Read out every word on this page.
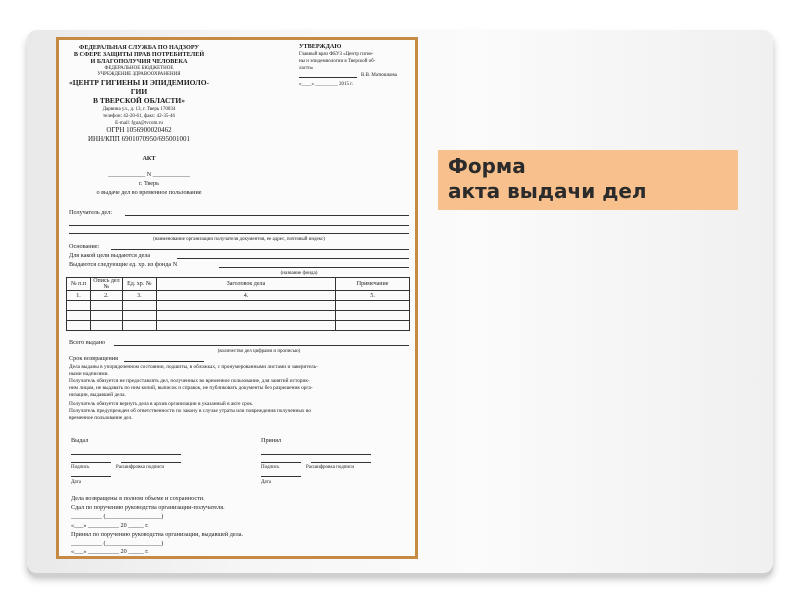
ФЕДЕРАЛЬНАЯ СЛУЖБА ПО НАДЗОРУ
В СФЕРЕ ЗАЩИТЫ ПРАВ ПОТРЕБИТЕЛЕЙ
И БЛАГОПОЛУЧИЯ ЧЕЛОВЕКА
ФЕДЕРАЛЬНОЕ БЮДЖЕТНОЕ
УЧРЕЖДЕНИЕ ЗДРАВООХРАНЕНИЯ
«ЦЕНТР ГИГИЕНЫ И ЭПИДЕМИОЛО-
ГИИ
В ТВЕРСКОЙ ОБЛАСТИ»
Дарвина ул., д. 13, г. Тверь 170034
телефон: 42-20-61, факс: 42-35-46
E-mail: fguz@tvcom.ru
ОГРН 1056900020462
ИНН/КПП 6901070950/695001001
УТВЕРЖДАЮ
Главный врач ФБУЗ «Центр гигие-
ны и эпидемиологии в Тверской об-
ласти»
В.В. Матюшкова
«____» _________ 2015 г.
АКТ
____________ N ____________
г. Тверь
о выдаче дел во временное пользование
Получатель дел:
(наименование организации получателя документов, ее адрес, почтовый индекс)
Основание:
Для какой цели выдаются дела
Выдаются следующие ед. хр. из фонда N
(название фонда)
№ п.п	Опись дел №	Ед. хр. №	Заголовок дела	Примечание
1.	2.	3.	4.	5.

Всего выдано
(количество дел цифрами и прописью)
Срок возвращения
Дела выданы в упорядоченном состоянии, подшиты, в обложках, с пронумерованными листами и заверитель-
ными надписями.
Получатель обязуется не предоставлять дел, полученных во временное пользование, для занятий историк-
ним лицам, не выдавать по ним копий, выписок и справок, не публиковать документы без разрешения орга-
низации, выдавшей дела.
Получатель обязуется вернуть дела в архив организации в указанный в акте срок.
Получатель предупрежден об ответственности по закону в случае утраты или повреждения полученных во
временное пользование дел.
Выдал	Принял
Подпись	Расшифровка подписи	Подпись	Расшифровка подписи
Дата	Дата
Дела возвращены в полном объеме и сохранности.
Сдал по поручению руководства организации-получателя.
__________ (__________________)
«___» __________ 20 _____ г.
Принял по поручению руководства организации, выдавшей дела.
__________ (__________________)
«___» __________ 20 _____ г.
Форма
акта выдачи дел
